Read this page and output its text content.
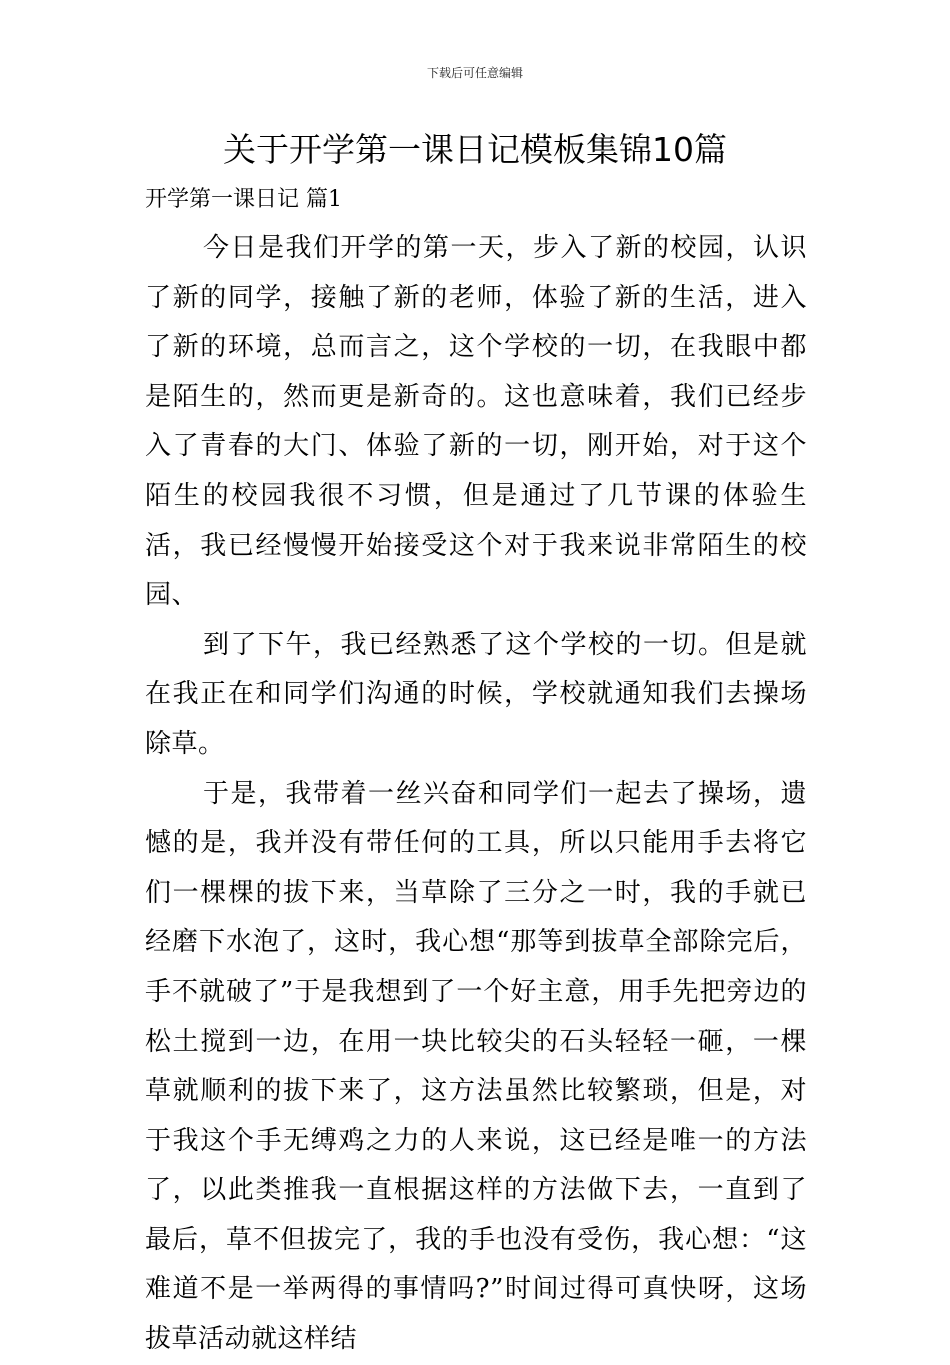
下载后可任意编辑
关于开学第一课日记模板集锦10篇
开学第一课日记 篇1

今日是我们开学的第一天，步入了新的校园，认识了新的同学，接触了新的老师，体验了新的生活，进入了新的环境，总而言之，这个学校的一切，在我眼中都是陌生的，然而更是新奇的。这也意味着，我们已经步入了青春的大门、体验了新的一切，刚开始，对于这个陌生的校园我很不习惯，但是通过了几节课的体验生活，我已经慢慢开始接受这个对于我来说非常陌生的校园、

到了下午，我已经熟悉了这个学校的一切。但是就在我正在和同学们沟通的时候，学校就通知我们去操场除草。

于是，我带着一丝兴奋和同学们一起去了操场，遗憾的是，我并没有带任何的工具，所以只能用手去将它们一棵棵的拔下来，当草除了三分之一时，我的手就已经磨下水泡了，这时，我心想“那等到拔草全部除完后，手不就破了”于是我想到了一个好主意，用手先把旁边的松土搅到一边，在用一块比较尖的石头轻轻一砸，一棵草就顺利的拔下来了，这方法虽然比较繁琐，但是，对于我这个手无缚鸡之力的人来说，这已经是唯一的方法了，以此类推我一直根据这样的方法做下去，一直到了最后，草不但拔完了，我的手也没有受伤，我心想：“这难道不是一举两得的事情吗?”时间过得可真快呀，这场拔草活动就这样结
